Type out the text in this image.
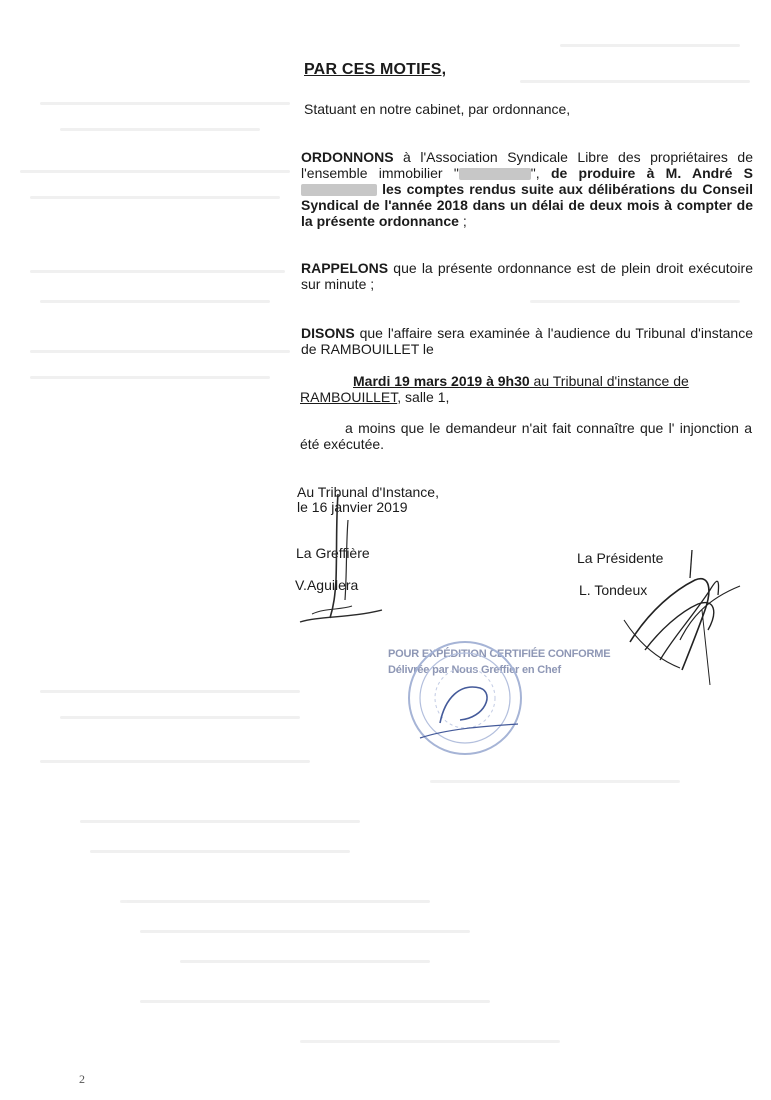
PAR CES MOTIFS,
Statuant en notre cabinet, par ordonnance,
ORDONNONS à l'Association Syndicale Libre des propriétaires de l'ensemble immobilier "	", de produire à M. André S les comptes rendus suite aux délibérations du Conseil Syndical de l'année 2018 dans un délai de deux mois à compter de la présente ordonnance ;
RAPPELONS que la présente ordonnance est de plein droit exécutoire sur minute ;
DISONS que l'affaire sera examinée à l'audience du Tribunal d'instance de RAMBOUILLET le
Mardi 19 mars 2019 à 9h30 au Tribunal d'instance de
RAMBOUILLET, salle 1,
a moins que le demandeur n'ait fait connaître que l' injonction a été exécutée.
Au Tribunal d'Instance,
le 16 janvier 2019
La Greffière
V.Aguilera
La Présidente
L. Tondeux
POUR EXPÉDITION CERTIFIÉE CONFORME
Délivrée par Nous Greffier en Chef
2
